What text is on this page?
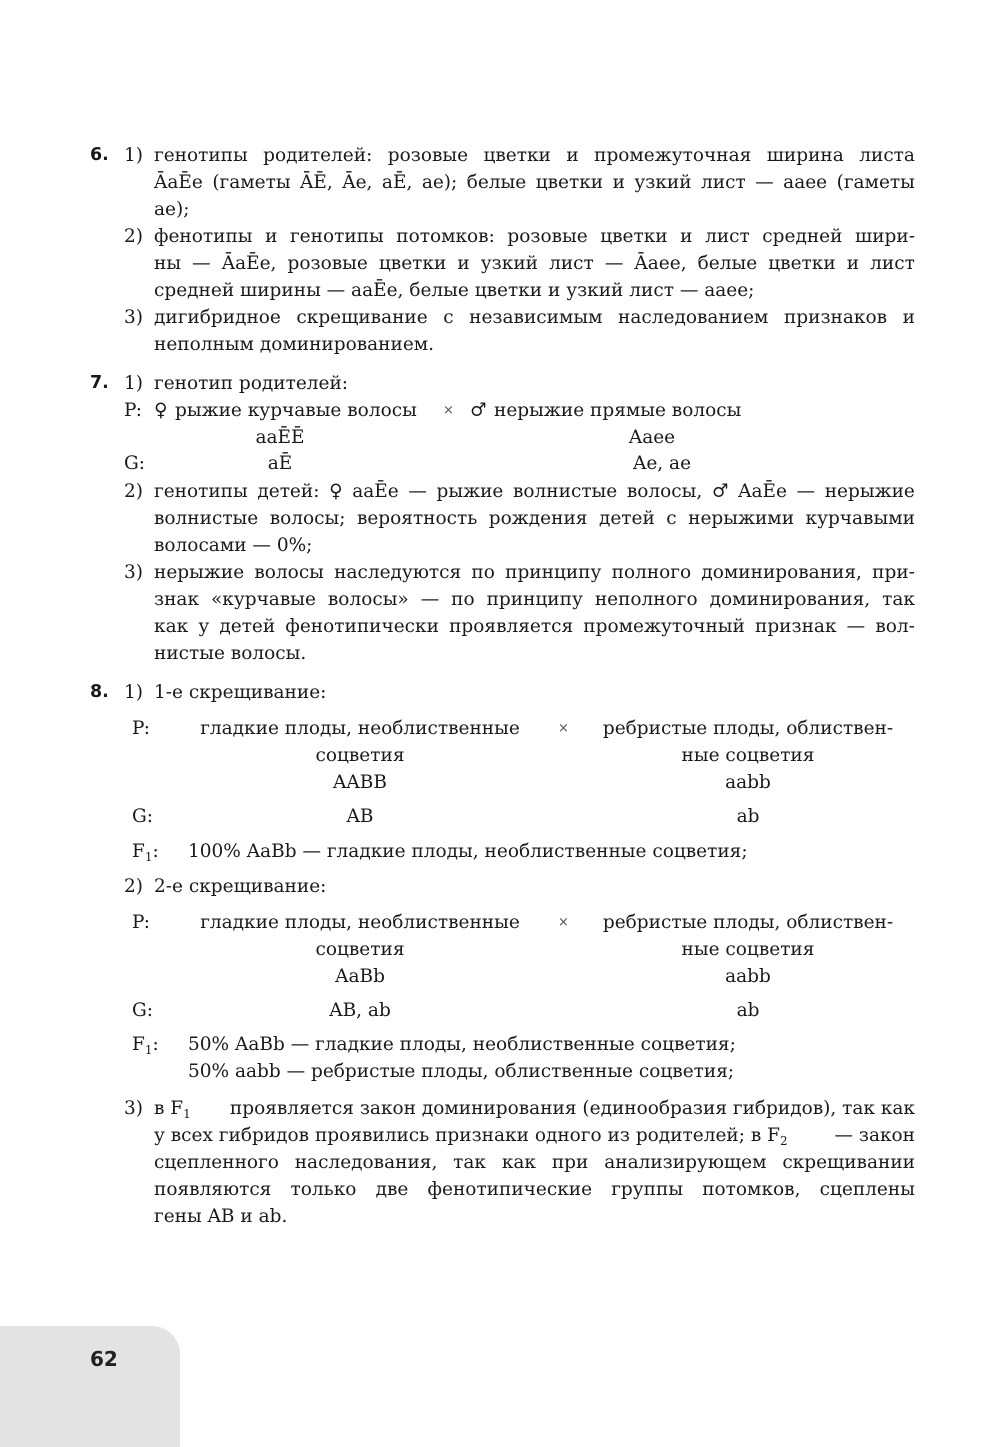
6. 1) генотипы родителей: розовые цветки и промежуточная ширина листа
ĀaĒe (гаметы ĀĒ, Āe, aĒ, ae); белые цветки и узкий лист — aaee (гаметы
ae);
2) фенотипы и генотипы потомков: розовые цветки и лист средней шири-
ны — ĀaĒe, розовые цветки и узкий лист — Āaee, белые цветки и лист
средней ширины — aaĒe, белые цветки и узкий лист — aaee;
3) дигибридное скрещивание с независимым наследованием признаков и
неполным доминированием.
7. 1) генотип родителей:
P: ♀ рыжие курчавые волосы × ♂ нерыжие прямые волосы
aaĒĒ	Aaee
G:	aĒ	Ae, ae
2) генотипы детей: ♀ aaĒe — рыжие волнистые волосы, ♂ AaĒe — нерыжие
волнистые волосы; вероятность рождения детей с нерыжими курчавыми
волосами — 0%;
3) нерыжие волосы наследуются по принципу полного доминирования, при-
знак «курчавые волосы» — по принципу неполного доминирования, так
как у детей фенотипически проявляется промежуточный признак — вол-
нистые волосы.
8. 1) 1-е скрещивание:
P:	гладкие плоды, необлиственные	×	ребристые плоды, облиствен-
соцветия	ные соцветия
AABB	aabb
G:	AB	ab
$F_1$: 100% AaBb — гладкие плоды, необлиственные соцветия;
2) 2-е скрещивание:
P:	гладкие плоды, необлиственные	×	ребристые плоды, облиствен-
соцветия	ные соцветия
AaBb	aabb
G:	AB, ab	ab
$F_1$: 50% AaBb — гладкие плоды, необлиственные соцветия;
50% aabb — ребристые плоды, облиственные соцветия;
3) в $F_1$ проявляется закон доминирования (единообразия гибридов), так как
у всех гибридов проявились признаки одного из родителей; в $F_2$	— закон
сцепленного наследования, так как при анализирующем скрещивании
появляются только две фенотипические группы потомков, сцеплены
гены AB и ab.
62
